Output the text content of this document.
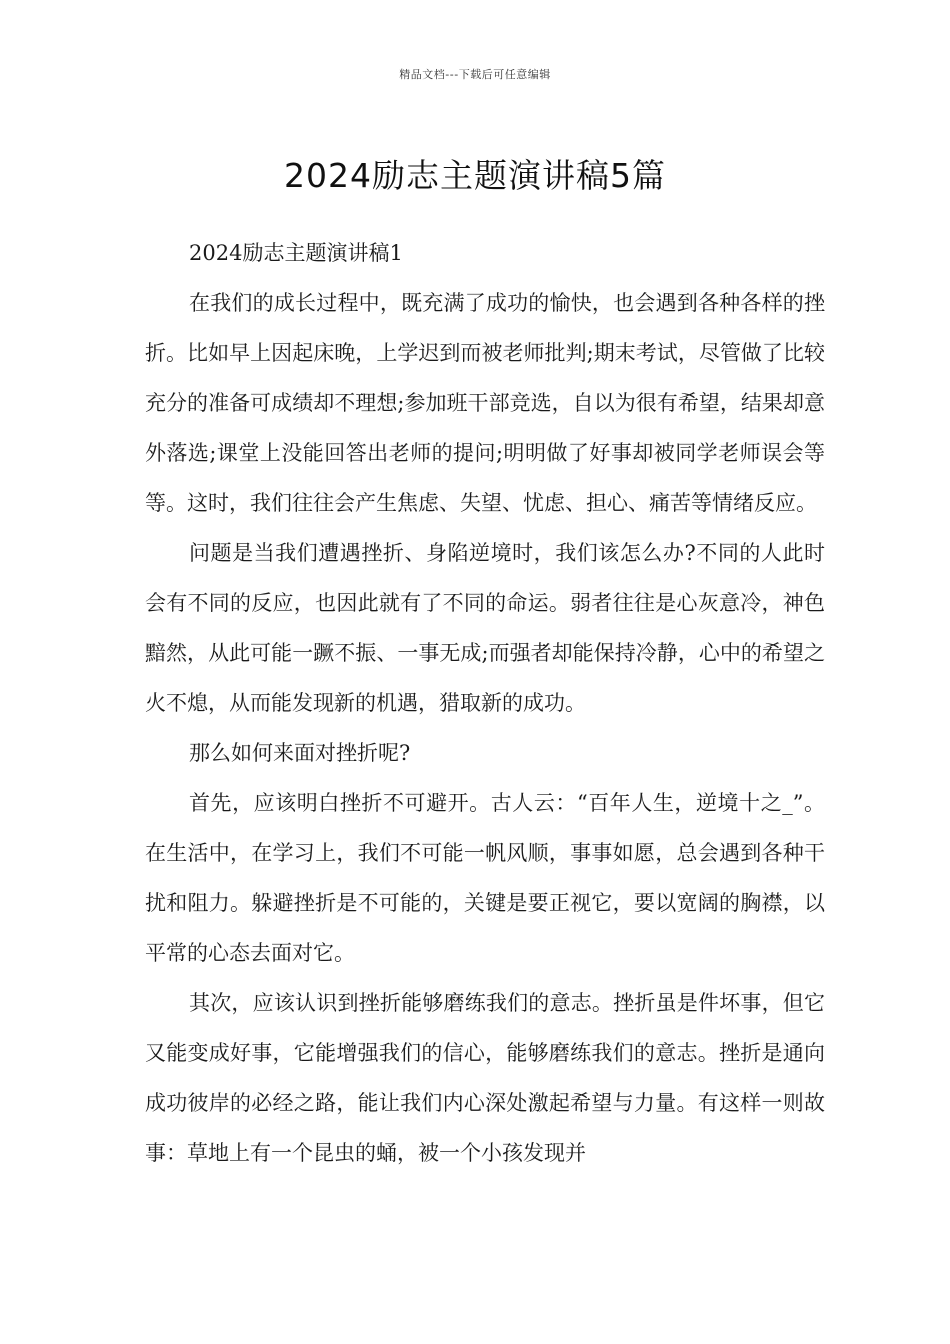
精品文档---下载后可任意编辑
2024励志主题演讲稿5篇

2024励志主题演讲稿1

在我们的成长过程中，既充满了成功的愉快，也会遇到各种各样的挫折。比如早上因起床晚，上学迟到而被老师批判;期末考试，尽管做了比较充分的准备可成绩却不理想;参加班干部竞选，自以为很有希望，结果却意外落选;课堂上没能回答出老师的提问;明明做了好事却被同学老师误会等等。这时，我们往往会产生焦虑、失望、忧虑、担心、痛苦等情绪反应。

问题是当我们遭遇挫折、身陷逆境时，我们该怎么办?不同的人此时会有不同的反应，也因此就有了不同的命运。弱者往往是心灰意冷，神色黯然，从此可能一蹶不振、一事无成;而强者却能保持冷静，心中的希望之火不熄，从而能发现新的机遇，猎取新的成功。

那么如何来面对挫折呢?

首先，应该明白挫折不可避开。古人云：“百年人生，逆境十之_”。在生活中，在学习上，我们不可能一帆风顺，事事如愿，总会遇到各种干扰和阻力。躲避挫折是不可能的，关键是要正视它，要以宽阔的胸襟，以平常的心态去面对它。

其次，应该认识到挫折能够磨练我们的意志。挫折虽是件坏事，但它又能变成好事，它能增强我们的信心，能够磨练我们的意志。挫折是通向成功彼岸的必经之路，能让我们内心深处激起希望与力量。有这样一则故事：草地上有一个昆虫的蛹，被一个小孩发现并
